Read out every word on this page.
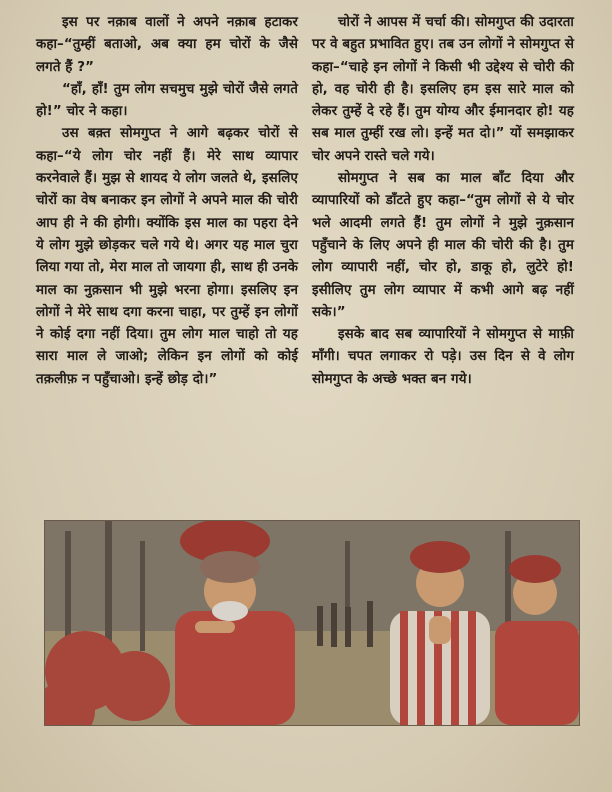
इस पर नक़ाब वालों ने अपने नक़ाब हटाकर कहा–“तुम्हीं बताओ, अब क्या हम चोरों के जैसे लगते हैं ?”

“हाँ, हाँ! तुम लोग सचमुच मुझे चोरों जैसे लगते हो!” चोर ने कहा।

उस बक़्त सोमगुप्त ने आगे बढ़कर चोरों से कहा–“ये लोग चोर नहीं हैं। मेरे साथ व्यापार करनेवाले हैं। मुझ से शायद ये लोग जलते थे, इसलिए चोरों का वेष बनाकर इन लोगों ने अपने माल की चोरी आप ही ने की होगी। क्योंकि इस माल का पहरा देने ये लोग मुझे छोड़कर चले गये थे। अगर यह माल चुरा लिया गया तो, मेरा माल तो जायगा ही, साथ ही उनके माल का नुक़सान भी मुझे भरना होगा। इसलिए इन लोगों ने मेरे साथ दगा करना चाहा, पर तुम्हें इन लोगों ने कोई दगा नहीं दिया। तुम लोग माल चाहो तो यह सारा माल ले जाओ; लेकिन इन लोगों को कोई तक़लीफ़ न पहुँचाओ। इन्हें छोड़ दो।”

चोरों ने आपस में चर्चा की। सोमगुप्त की उदारता पर वे बहुत प्रभावित हुए। तब उन लोगों ने सोमगुप्त से कहा–“चाहे इन लोगों ने किसी भी उद्देश्य से चोरी की हो, वह चोरी ही है। इसलिए हम इस सारे माल को लेकर तुम्हें दे रहे हैं। तुम योग्य और ईमानदार हो! यह सब माल तुम्हीं रख लो। इन्हें मत दो।” यों समझाकर चोर अपने रास्ते चले गये।

सोमगुप्त ने सब का माल बाँट दिया और व्यापारियों को डाँटते हुए कहा–“तुम लोगों से ये चोर भले आदमी लगते हैं! तुम लोगों ने मुझे नुक़सान पहुँचाने के लिए अपने ही माल की चोरी की है। तुम लोग व्यापारी नहीं, चोर हो, डाकू हो, लुटेरे हो! इसीलिए तुम लोग व्यापार में कभी आगे बढ़ नहीं सके।”

इसके बाद सब व्यापारियों ने सोमगुप्त से माफ़ी माँगी। चपत लगाकर रो पड़े। उस दिन से वे लोग सोमगुप्त के अच्छे भक्त बन गये।
